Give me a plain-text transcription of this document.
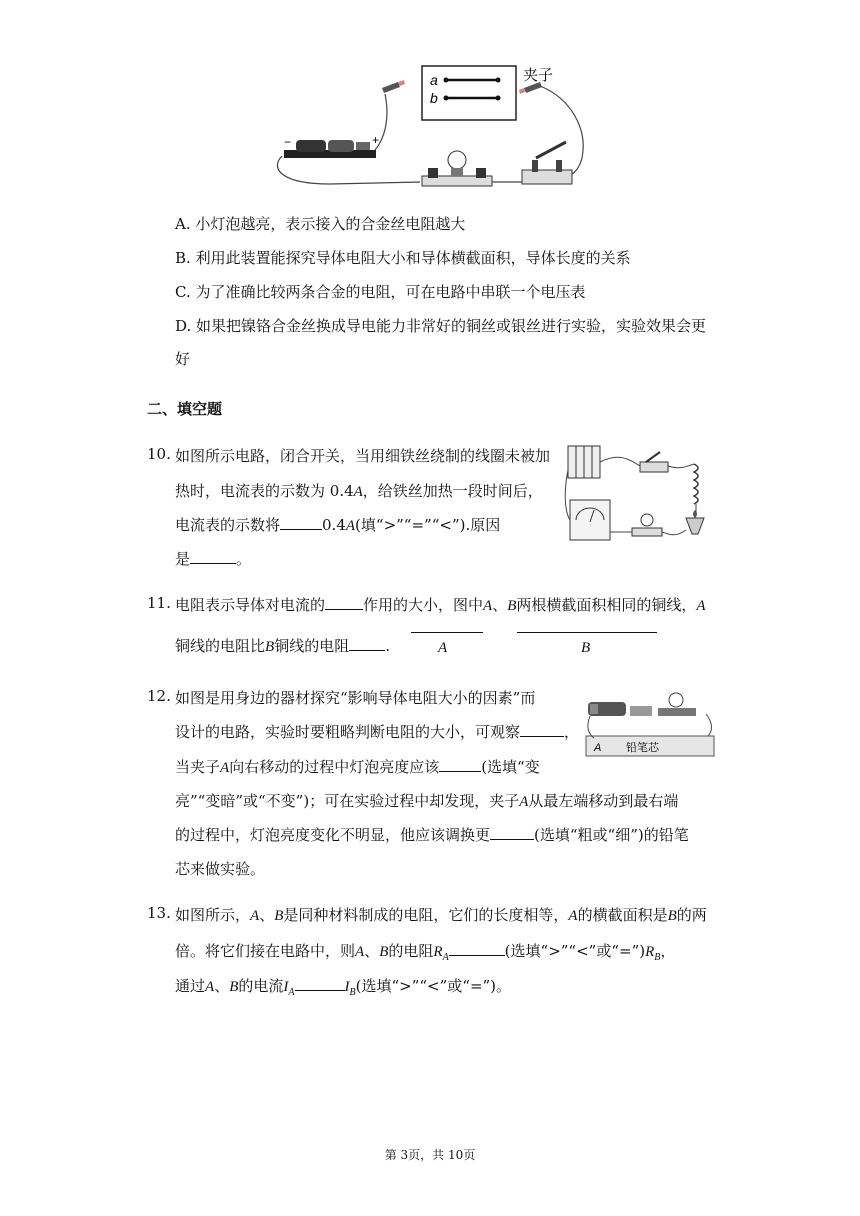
a
b
夹子
−	+
A. 小灯泡越亮，表示接入的合金丝电阻越大
B. 利用此装置能探究导体电阻大小和导体横截面积，导体长度的关系
C. 为了准确比较两条合金的电阻，可在电路中串联一个电压表
D. 如果把镍铬合金丝换成导电能力非常好的铜丝或银丝进行实验，实验效果会更
好
二、填空题
10. 如图所示电路，闭合开关，当用细铁丝绕制的线圈未被加
热时，电流表的示数为 0.4A，给铁丝加热一段时间后，
电流表的示数将	0.4A(填“>”“=”“<”).原因
是	。
11. 电阻表示导体对电流的	作用的大小，图中A、B两根横截面积相同的铜线，A
铜线的电阻比B铜线的电阻 .	A	B
12. 如图是用身边的器材探究“影响导体电阻大小的因素”而
设计的电路，实验时要粗略判断电阻的大小，可观察	，
当夹子A向右移动的过程中灯泡亮度应该	(选填“变
亮”“变暗”或“不变”)；可在实验过程中却发现，夹子A从最左端移动到最右端
的过程中，灯泡亮度变化不明显，他应该调换更	(选填“粗或“细”)的铅笔
芯来做实验。
A 铅笔芯
13. 如图所示，A、B是同种材料制成的电阻，它们的长度相等，A的横截面积是B的两
倍。将它们接在电路中，则A、B的电阻$R_A$	(选填“>”“<”或“$=”)R_B$，
通过A、B的电流$I_A$	$I_B$(选填“>”“<”或“=”)。
第 3页，共 10页
